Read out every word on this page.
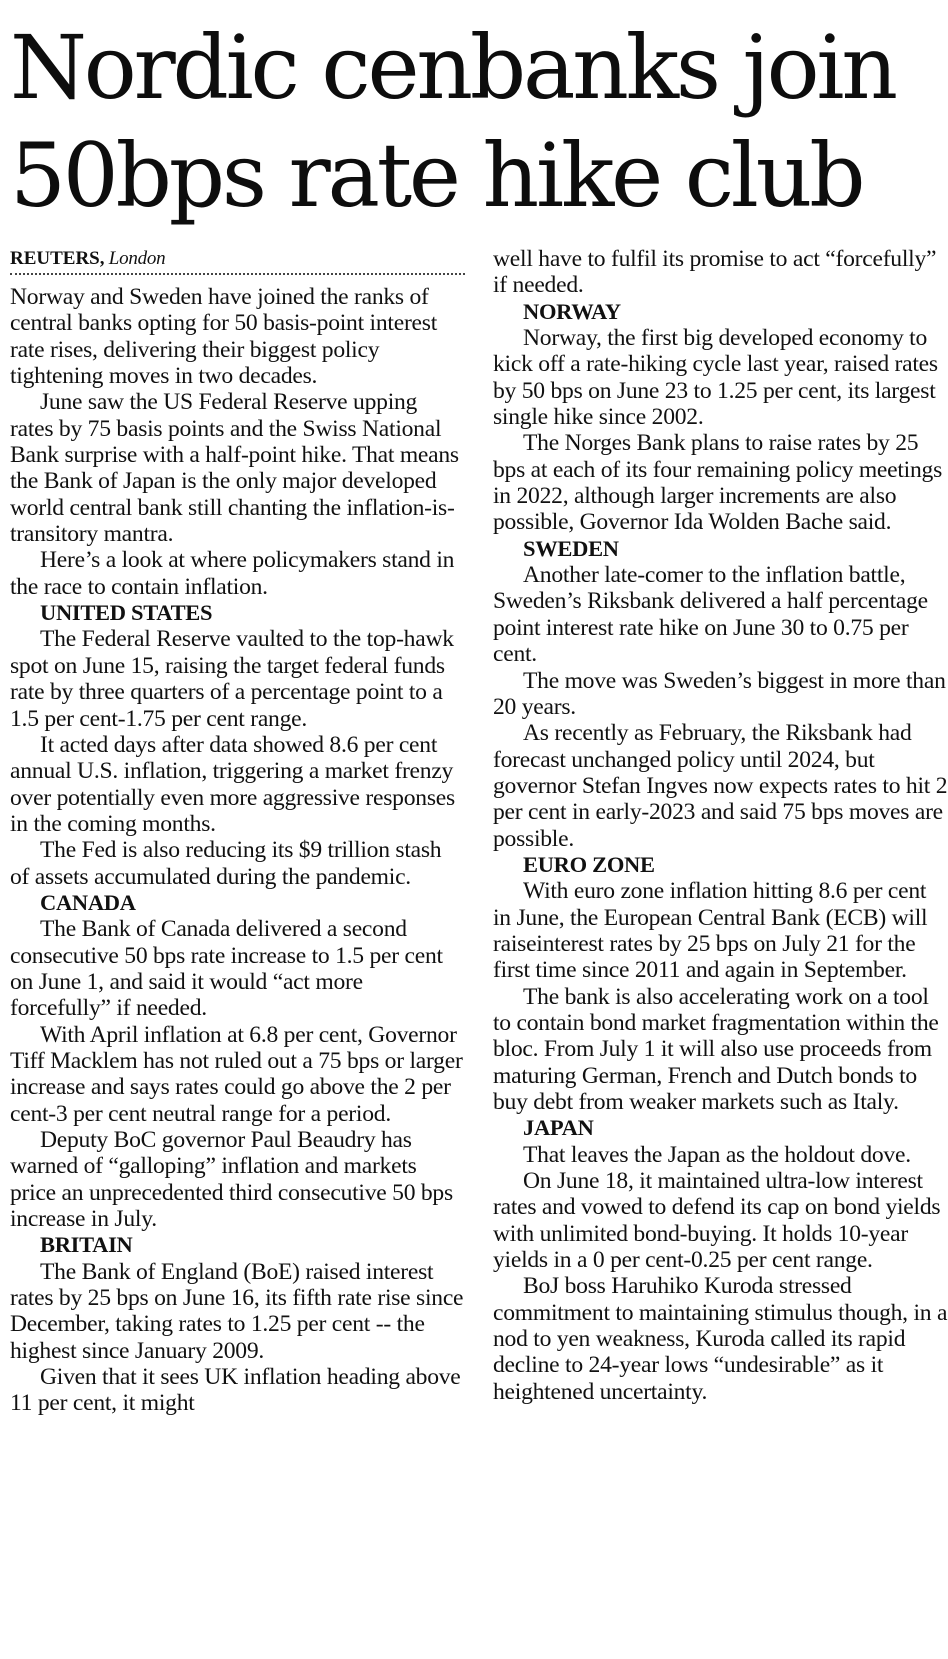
Nordic cenbanks join
50bps rate hike club
REUTERS, London

Norway and Sweden have joined the ranks of central banks opting for 50 basis-point interest rate rises, delivering their biggest policy tightening moves in two decades.

June saw the US Federal Reserve upping rates by 75 basis points and the Swiss National Bank surprise with a half-point hike. That means the Bank of Japan is the only major developed world central bank still chanting the inflation-is-transitory mantra.

Here’s a look at where policymakers stand in the race to contain inflation.

UNITED STATES

The Federal Reserve vaulted to the top-hawk spot on June 15, raising the target federal funds rate by three quarters of a percentage point to a 1.5 per cent-1.75 per cent range.

It acted days after data showed 8.6 per cent annual U.S. inflation, triggering a market frenzy over potentially even more aggressive responses in the coming months.

The Fed is also reducing its $9 trillion stash of assets accumulated during the pandemic.

CANADA

The Bank of Canada delivered a second consecutive 50 bps rate increase to 1.5 per cent on June 1, and said it would “act more forcefully” if needed.

With April inflation at 6.8 per cent, Governor Tiff Macklem has not ruled out a 75 bps or larger increase and says rates could go above the 2 per cent-3 per cent neutral range for a period.

Deputy BoC governor Paul Beaudry has warned of “galloping” inflation and markets price an unprecedented third consecutive 50 bps increase in July.

BRITAIN

The Bank of England (BoE) raised interest rates by 25 bps on June 16, its fifth rate rise since December, taking rates to 1.25 per cent -- the highest since January 2009.

Given that it sees UK inflation heading above 11 per cent, it might

well have to fulfil its promise to act “forcefully” if needed.

NORWAY

Norway, the first big developed economy to kick off a rate-hiking cycle last year, raised rates by 50 bps on June 23 to 1.25 per cent, its largest single hike since 2002.

The Norges Bank plans to raise rates by 25 bps at each of its four remaining policy meetings in 2022, although larger increments are also possible, Governor Ida Wolden Bache said.

SWEDEN

Another late-comer to the inflation battle, Sweden’s Riksbank delivered a half percentage point interest rate hike on June 30 to 0.75 per cent.

The move was Sweden’s biggest in more than 20 years.

As recently as February, the Riksbank had forecast unchanged policy until 2024, but governor Stefan Ingves now expects rates to hit 2 per cent in early-2023 and said 75 bps moves are possible.

EURO ZONE

With euro zone inflation hitting 8.6 per cent in June, the European Central Bank (ECB) will raiseinterest rates by 25 bps on July 21 for the first time since 2011 and again in September.

The bank is also accelerating work on a tool to contain bond market fragmentation within the bloc. From July 1 it will also use proceeds from maturing German, French and Dutch bonds to buy debt from weaker markets such as Italy.

JAPAN

That leaves the Japan as the holdout dove.

On June 18, it maintained ultra-low interest rates and vowed to defend its cap on bond yields with unlimited bond-buying. It holds 10-year yields in a 0 per cent-0.25 per cent range.

BoJ boss Haruhiko Kuroda stressed commitment to maintaining stimulus though, in a nod to yen weakness, Kuroda called its rapid decline to 24-year lows “undesirable” as it heightened uncertainty.
